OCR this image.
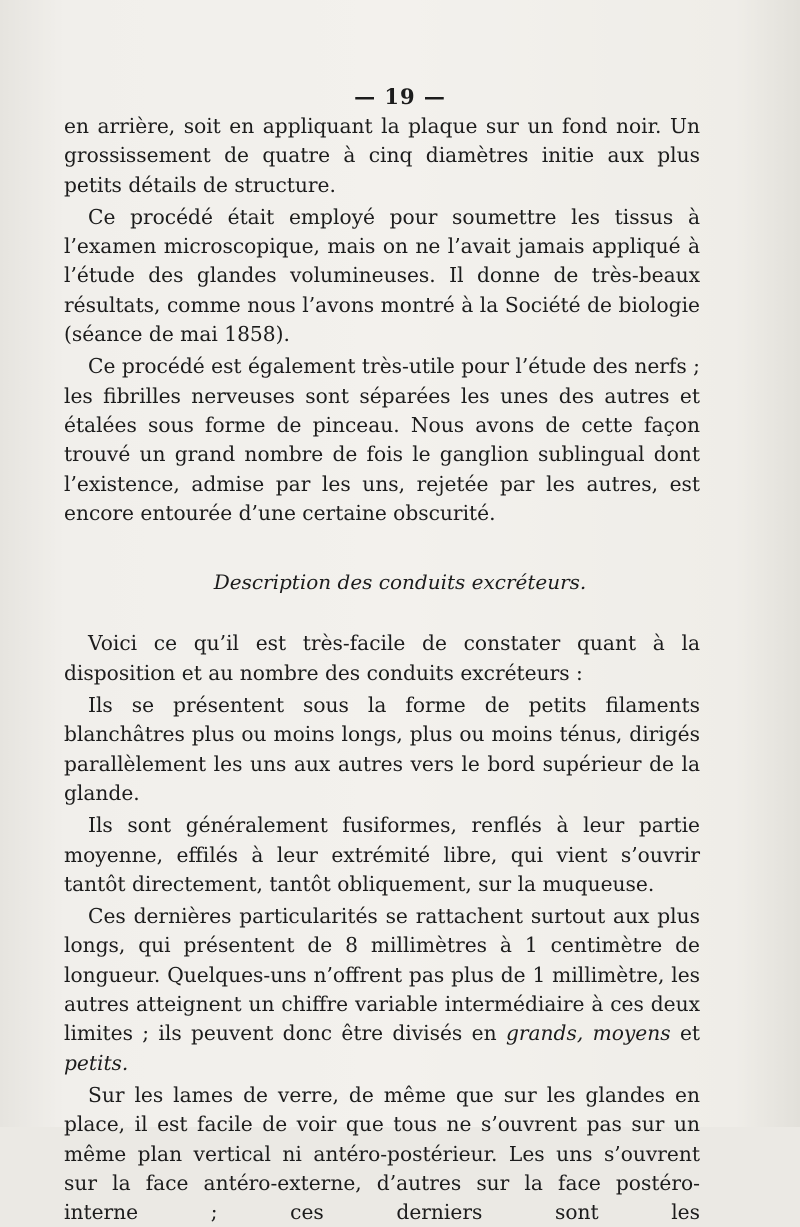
— 19 —

en arrière, soit en appliquant la plaque sur un fond noir. Un grossissement de quatre à cinq diamètres initie aux plus petits détails de structure.

Ce procédé était employé pour soumettre les tissus à l’examen microscopique, mais on ne l’avait jamais appliqué à l’étude des glandes volumineuses. Il donne de très-beaux résultats, comme nous l’avons montré à la Société de biologie (séance de mai 1858).

Ce procédé est également très-utile pour l’étude des nerfs ; les fibrilles nerveuses sont séparées les unes des autres et étalées sous forme de pinceau. Nous avons de cette façon trouvé un grand nombre de fois le ganglion sublingual dont l’existence, admise par les uns, rejetée par les autres, est encore entourée d’une certaine obscurité.

Description des conduits excréteurs.

Voici ce qu’il est très-facile de constater quant à la disposition et au nombre des conduits excréteurs :

Ils se présentent sous la forme de petits filaments blanchâtres plus ou moins longs, plus ou moins ténus, dirigés parallèlement les uns aux autres vers le bord supérieur de la glande.

Ils sont généralement fusiformes, renflés à leur partie moyenne, effilés à leur extrémité libre, qui vient s’ouvrir tantôt directement, tantôt obliquement, sur la muqueuse.

Ces dernières particularités se rattachent surtout aux plus longs, qui présentent de 8 millimètres à 1 centimètre de longueur. Quelques-uns n’offrent pas plus de 1 millimètre, les autres atteignent un chiffre variable intermédiaire à ces deux limites ; ils peuvent donc être divisés en grands, moyens et petits.

Sur les lames de verre, de même que sur les glandes en place, il est facile de voir que tous ne s’ouvrent pas sur un même plan vertical ni antéro-postérieur. Les uns s’ouvrent sur la face antéro-externe, d’autres sur la face postéro-interne ; ces derniers sont les
